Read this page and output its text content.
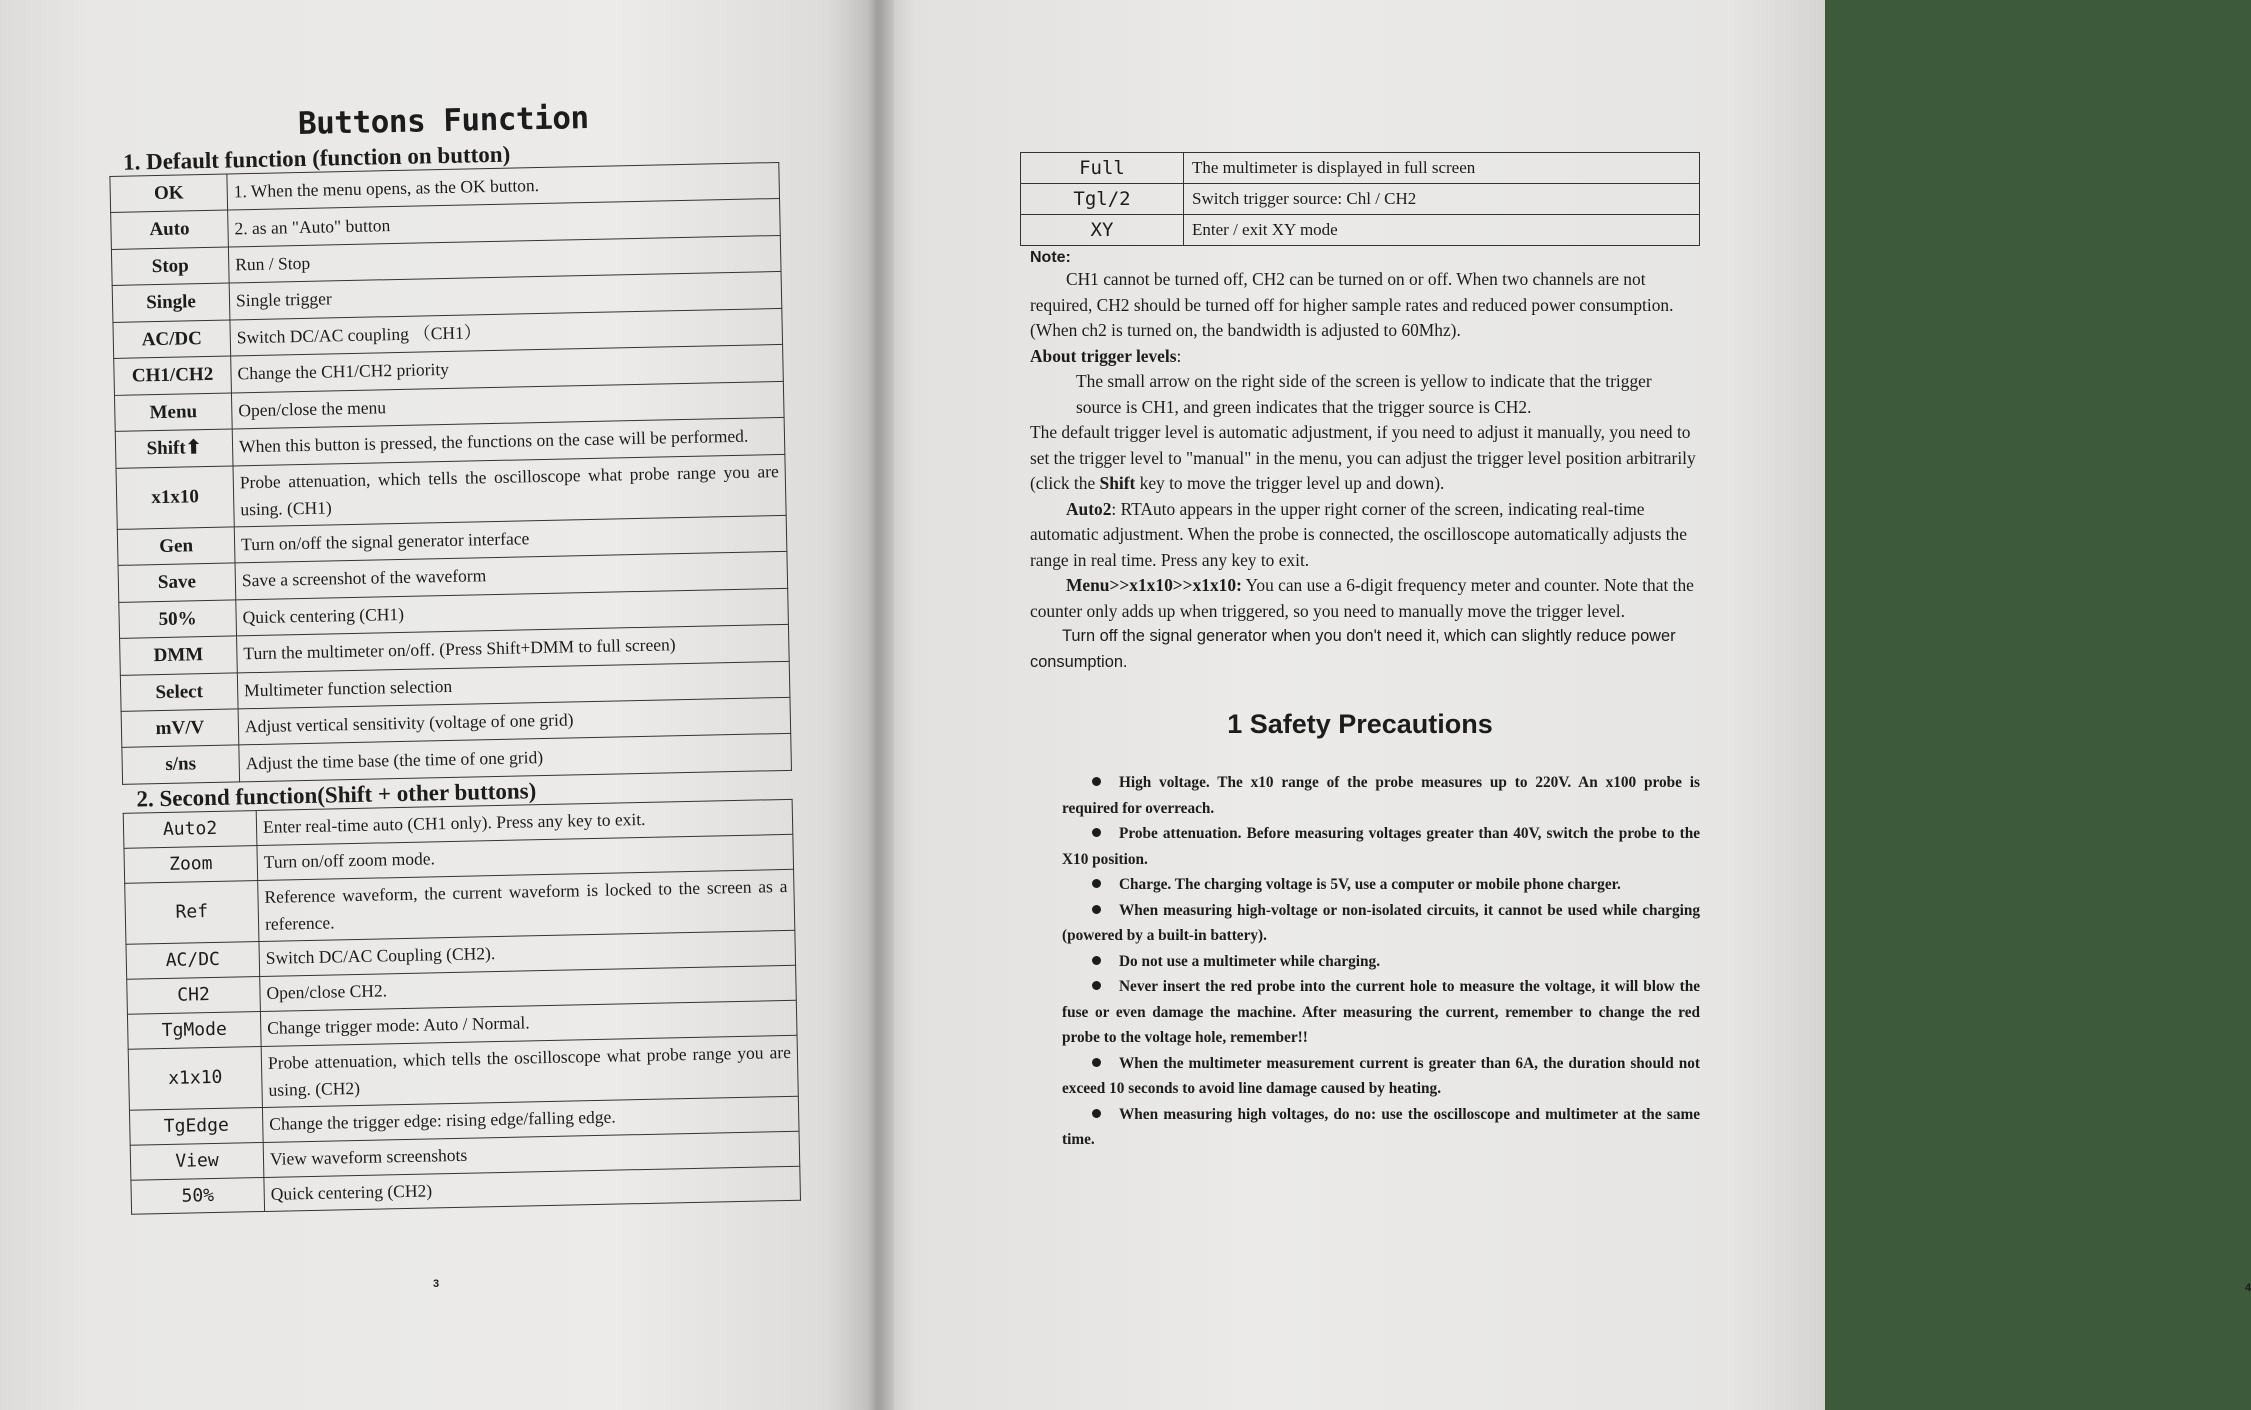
Buttons Function
1. Default function (function on button)
OK	1. When the menu opens, as the OK button.
Auto	2. as an "Auto" button
Stop	Run / Stop
Single	Single trigger
AC/DC	Switch DC/AC coupling （CH1）
CH1/CH2	Change the CH1/CH2 priority
Menu	Open/close the menu
Shift⬆	When this button is pressed, the functions on the case will be performed.
x1x10	Probe attenuation, which tells the oscilloscope what probe range you are using. (CH1)
Gen	Turn on/off the signal generator interface
Save	Save a screenshot of the waveform
50%	Quick centering (CH1)
DMM	Turn the multimeter on/off. (Press Shift+DMM to full screen)
Select	Multimeter function selection
mV/V	Adjust vertical sensitivity (voltage of one grid)
s/ns	Adjust the time base (the time of one grid)
2. Second function(Shift + other buttons)
Auto2	Enter real-time auto (CH1 only). Press any key to exit.
Zoom	Turn on/off zoom mode.
Ref	Reference waveform, the current waveform is locked to the screen as a reference.
AC/DC	Switch DC/AC Coupling (CH2).
CH2	Open/close CH2.
TgMode	Change trigger mode: Auto / Normal.
x1x10	Probe attenuation, which tells the oscilloscope what probe range you are using. (CH2)
TgEdge	Change the trigger edge: rising edge/falling edge.
View	View waveform screenshots
50%	Quick centering (CH2)
3	4
Full	The multimeter is displayed in full screen
Tgl/2	Switch trigger source: Chl / CH2
XY	Enter / exit XY mode
Note:

CH1 cannot be turned off, CH2 can be turned on or off. When two channels are not required, CH2 should be turned off for higher sample rates and reduced power consumption. (When ch2 is turned on, the bandwidth is adjusted to 60Mhz).

About trigger levels:

The small arrow on the right side of the screen is yellow to indicate that the trigger source is CH1, and green indicates that the trigger source is CH2.

The default trigger level is automatic adjustment, if you need to adjust it manually, you need to set the trigger level to "manual" in the menu, you can adjust the trigger level position arbitrarily (click the Shift key to move the trigger level up and down).

Auto2: RTAuto appears in the upper right corner of the screen, indicating real-time automatic adjustment. When the probe is connected, the oscilloscope automatically adjusts the range in real time. Press any key to exit.

Menu>>x1x10>>x1x10: You can use a 6-digit frequency meter and counter. Note that the counter only adds up when triggered, so you need to manually move the trigger level.

Turn off the signal generator when you don't need it, which can slightly reduce power consumption.

1 Safety Precautions
High voltage. The x10 range of the probe measures up to 220V. An x100 probe is required for overreach.
Probe attenuation. Before measuring voltages greater than 40V, switch the probe to the X10 position.
Charge. The charging voltage is 5V, use a computer or mobile phone charger.
When measuring high-voltage or non-isolated circuits, it cannot be used while charging (powered by a built-in battery).
Do not use a multimeter while charging.
Never insert the red probe into the current hole to measure the voltage, it will blow the fuse or even damage the machine. After measuring the current, remember to change the red probe to the voltage hole, remember!!
When the multimeter measurement current is greater than 6A, the duration should not exceed 10 seconds to avoid line damage caused by heating.
When measuring high voltages, do no: use the oscilloscope and multimeter at the same time.
